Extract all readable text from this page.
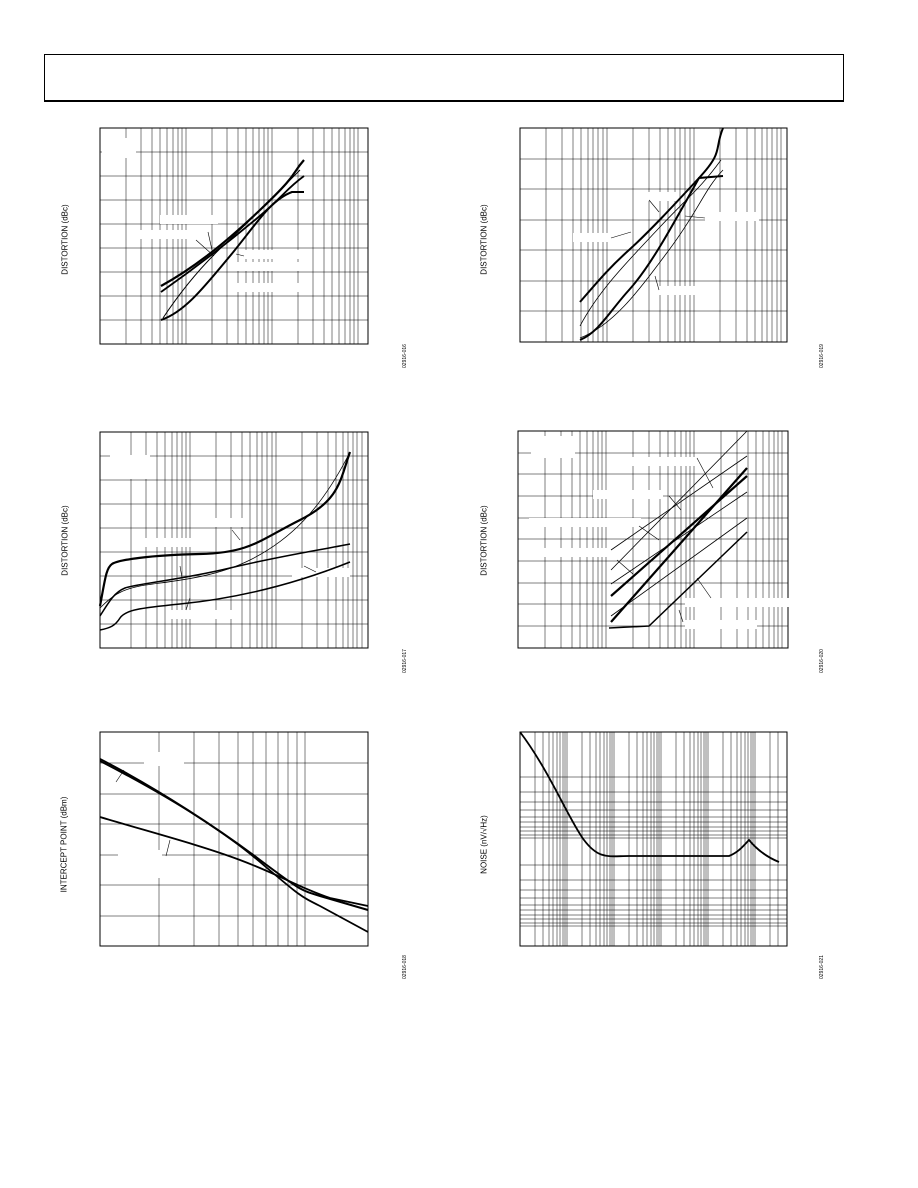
DISTORTION (dBc)
02916-016
DISTORTION (dBc)
02916-019
DISTORTION (dBc)
02916-017
DISTORTION (dBc)
02916-020
INTERCEPT POINT (dBm)
02916-018
NOISE (nV/√Hz)
02916-021
